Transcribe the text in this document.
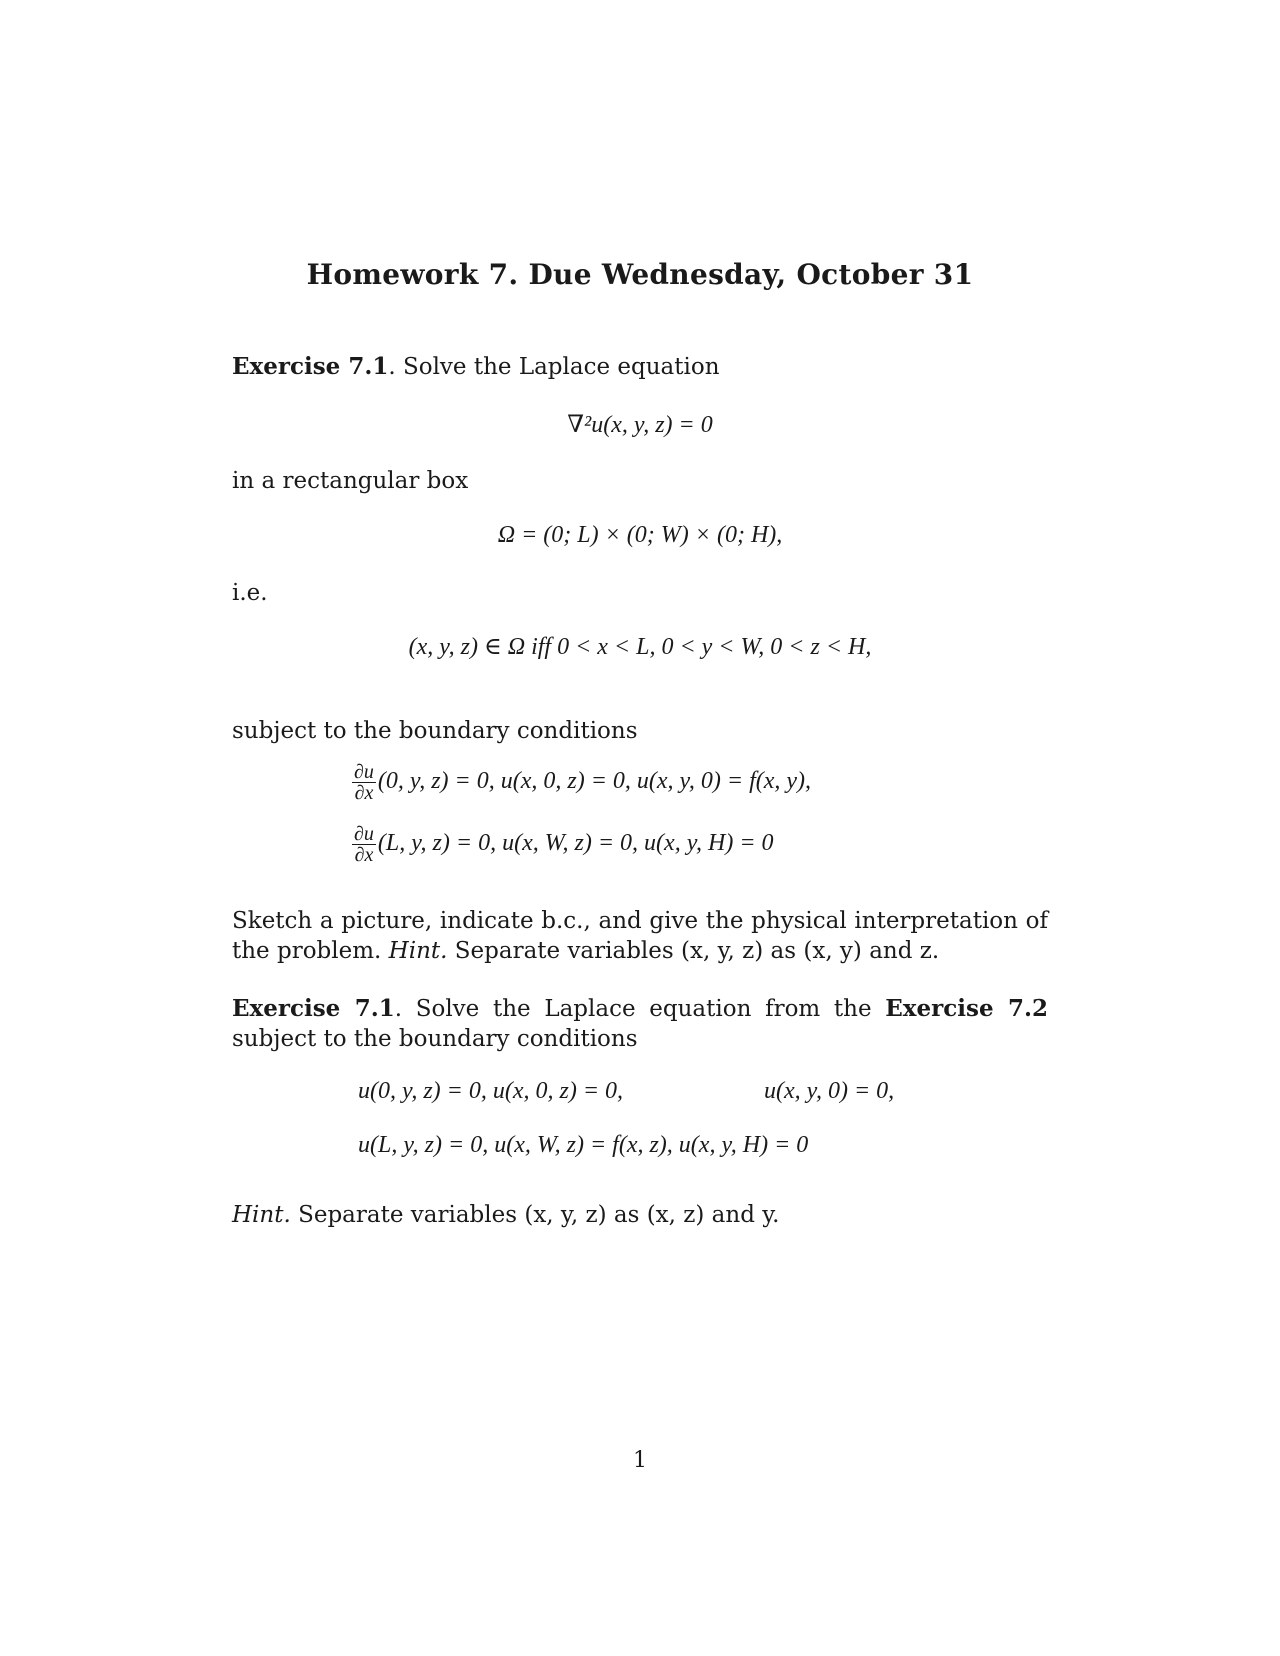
Homework 7. Due Wednesday, October 31
Exercise 7.1. Solve the Laplace equation
∇²u(x, y, z) = 0
in a rectangular box
Ω = (0; L) × (0; W) × (0; H),
i.e.
(x, y, z) ∈ Ω iff 0 < x < L, 0 < y < W, 0 < z < H,
subject to the boundary conditions
$\frac{\partial u}{\partial x} (0$, y, z) = 0, u(x, 0, z) = 0, u(x, y, 0) = f(x, y),
$\frac{\partial u}{\partial x} (L$, y, z) = 0, u(x, W, z) = 0, u(x, y, H) = 0
Sketch a picture, indicate b.c., and give the physical interpretation of the problem. Hint. Separate variables (x, y, z) as (x, y) and z.
Exercise 7.1. Solve the Laplace equation from the Exercise 7.2 subject to the boundary conditions
u(0, y, z) = 0, u(x, 0, z) = 0,	u(x, y, 0) = 0,
u(L, y, z) = 0, u(x, W, z) = f(x, z), u(x, y, H) = 0
Hint. Separate variables (x, y, z) as (x, z) and y.
1
